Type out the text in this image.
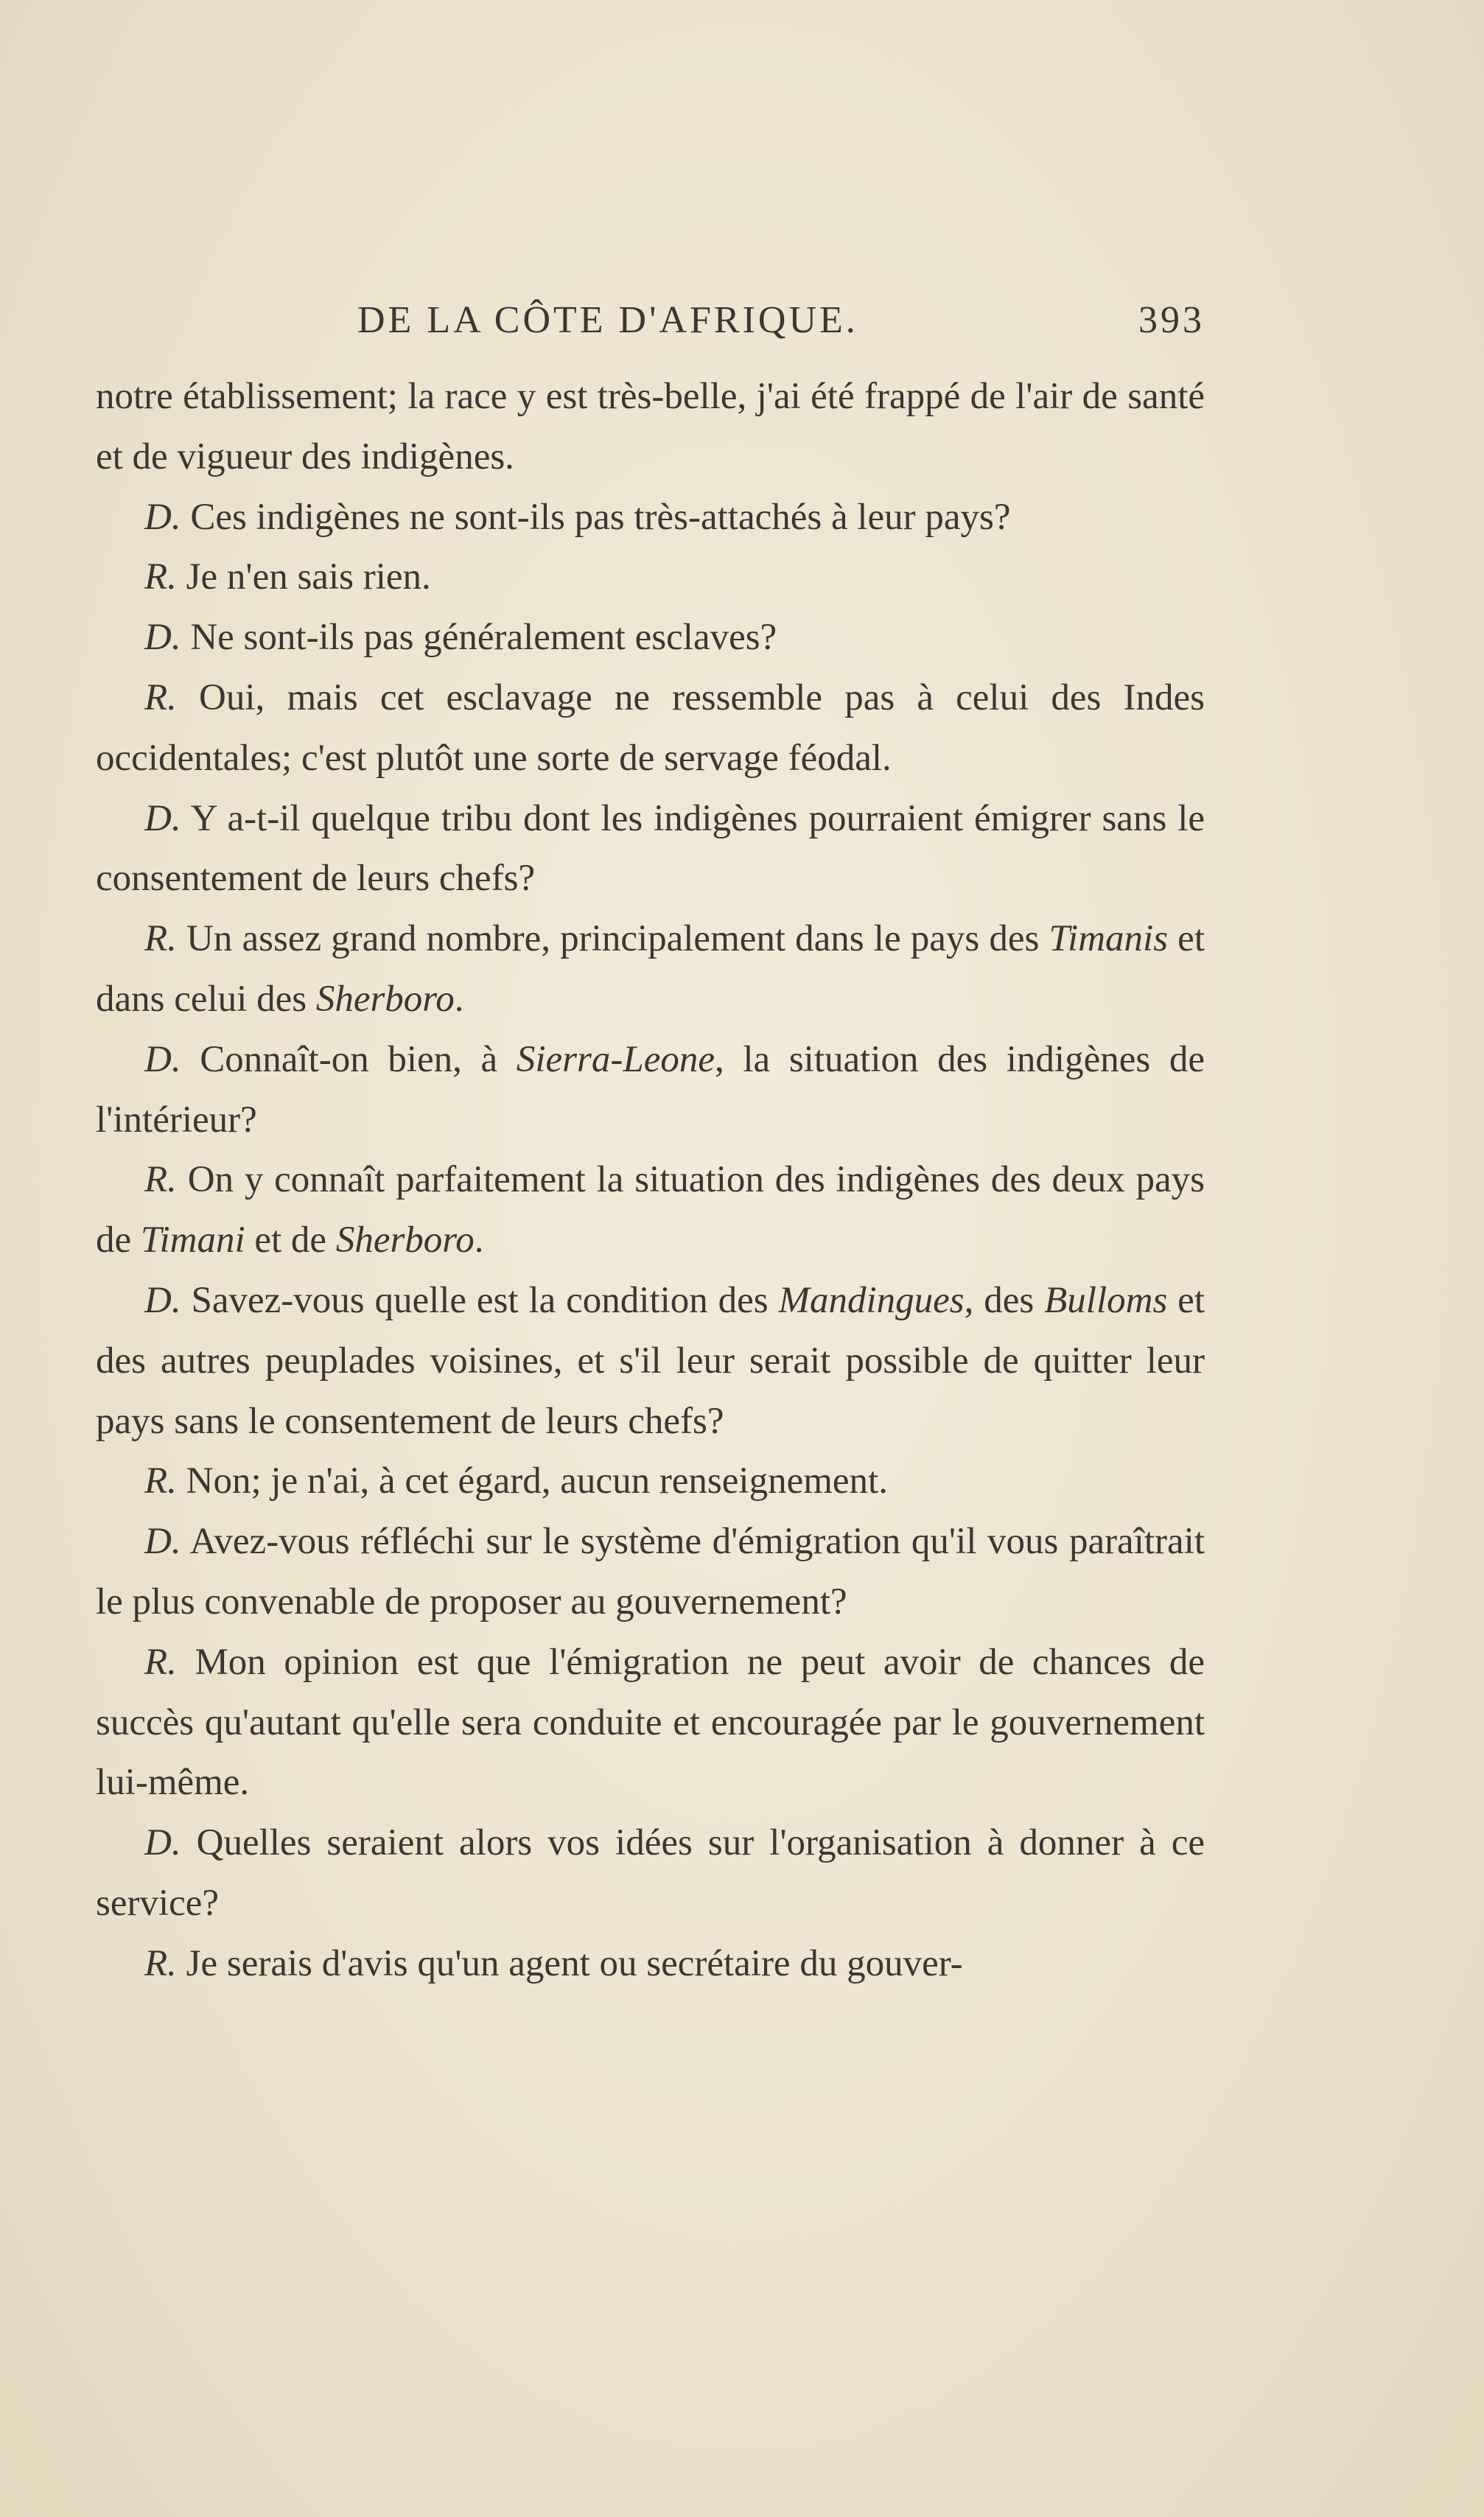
DE LA CÔTE D'AFRIQUE.	393

notre établissement; la race y est très-belle, j'ai été frappé de l'air de santé et de vigueur des indigènes.

D. Ces indigènes ne sont-ils pas très-attachés à leur pays?

R. Je n'en sais rien.

D. Ne sont-ils pas généralement esclaves?

R. Oui, mais cet esclavage ne ressemble pas à celui des Indes occidentales; c'est plutôt une sorte de servage féodal.

D. Y a-t-il quelque tribu dont les indigènes pourraient émigrer sans le consentement de leurs chefs?

R. Un assez grand nombre, principalement dans le pays des Timanis et dans celui des Sherboro.

D. Connaît-on bien, à Sierra-Leone, la situation des indigènes de l'intérieur?

R. On y connaît parfaitement la situation des indigènes des deux pays de Timani et de Sherboro.

D. Savez-vous quelle est la condition des Mandingues, des Bulloms et des autres peuplades voisines, et s'il leur serait possible de quitter leur pays sans le consentement de leurs chefs?

R. Non; je n'ai, à cet égard, aucun renseignement.

D. Avez-vous réfléchi sur le système d'émigration qu'il vous paraîtrait le plus convenable de proposer au gouvernement?

R. Mon opinion est que l'émigration ne peut avoir de chances de succès qu'autant qu'elle sera conduite et encouragée par le gouvernement lui-même.

D. Quelles seraient alors vos idées sur l'organisation à donner à ce service?

R. Je serais d'avis qu'un agent ou secrétaire du gouver-
